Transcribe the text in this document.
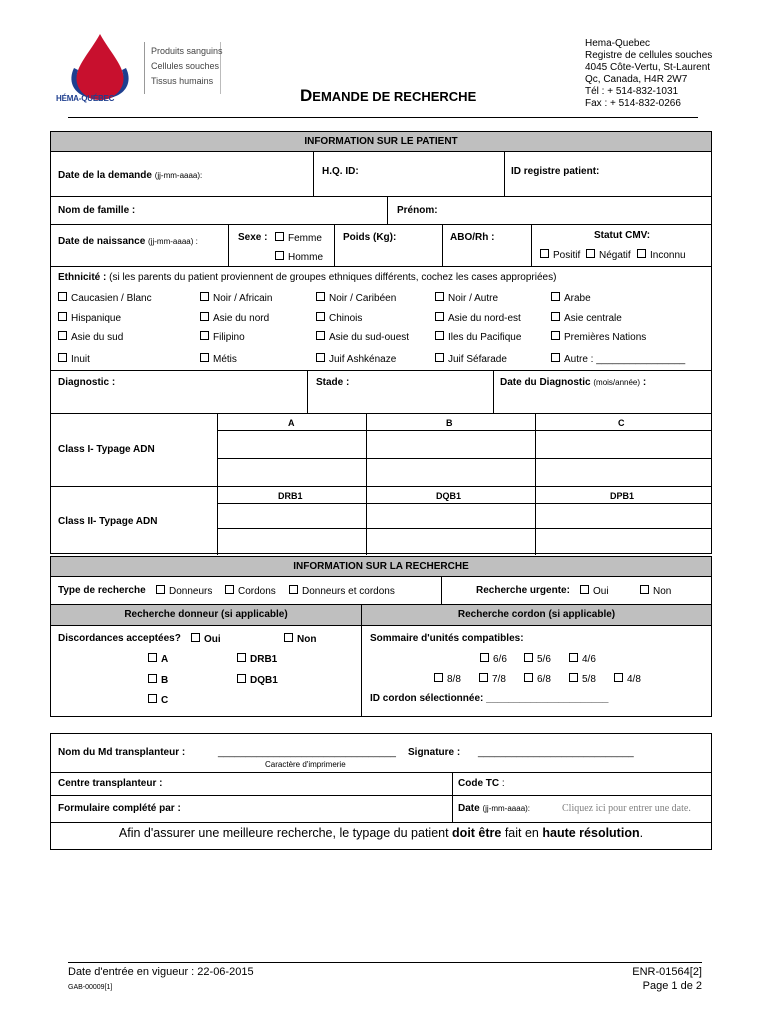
HÉMA-QUÉBEC
Produits sanguins
Cellules souches
Tissus humains
DEMANDE DE RECHERCHE
Hema-Quebec
Registre de cellules souches
4045 Côte-Vertu, St-Laurent
Qc, Canada, H4R 2W7
Tél : + 514-832-1031
Fax : + 514-832-0266
INFORMATION SUR LE PATIENT
Date de la demande (jj-mm-aaaa):	H.Q. ID:	ID registre patient:
Nom de famille :	Prénom:
Date de naissance (jj-mm-aaaa) :	Sexe :	Femme
Homme
Poids (Kg):	ABO/Rh :	Statut CMV:
Positif	Négatif	Inconnu
Ethnicité : (si les parents du patient proviennent de groupes ethniques différents, cochez les cases appropriées)
Caucasien / Blanc	Noir / Africain	Noir / Caribéen	Noir / Autre	Arabe
Hispanique	Asie du nord	Chinois	Asie du nord-est	Asie centrale
Asie du sud	Filipino	Asie du sud-ouest	Iles du Pacifique	Premières Nations
Inuit	Métis	Juif Ashkénaze	Juif Séfarade	Autre : ________________
Diagnostic :	Stade :	Date du Diagnostic (mois/année) :
A	B	C
Class I- Typage ADN
DRB1	DQB1	DPB1
Class II- Typage ADN
INFORMATION SUR LA RECHERCHE
Recherche donneur (si applicable)	Recherche cordon (si applicable)
Type de recherche	Donneurs	Cordons	Donneurs et cordons	Recherche urgente:	Oui	Non
Discordances acceptées?	Oui	Non
A
B
C
DRB1
DQB1
Sommaire d'unités compatibles:
6/6	5/6	4/6
8/8	7/8	6/8	5/8	4/8
ID cordon sélectionnée: ______________________
Nom du Md transplanteur :	________________________________
Caractère d'imprimerie
Signature : ____________________________
Centre transplanteur :	Code TC :
Formulaire complété par :	Date (jj-mm-aaaa):	Cliquez ici pour entrer une date.
Afin d'assurer une meilleure recherche, le typage du patient doit être fait en haute résolution.
Date d'entrée en vigueur : 22-06-2015
GAB-00009[1]
ENR-01564[2]
Page 1 de 2
